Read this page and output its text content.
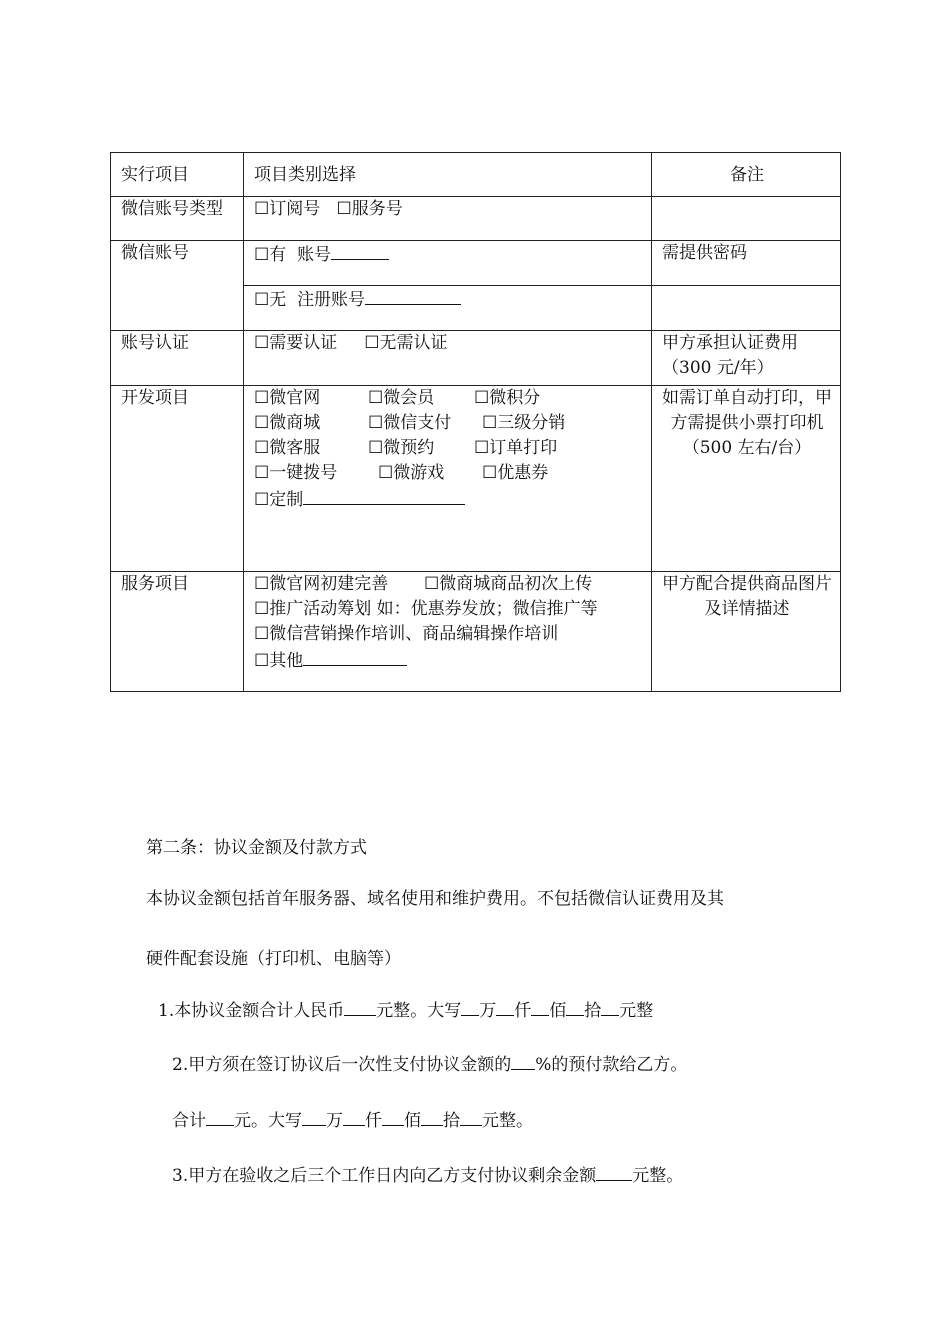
实行项目	项目类别选择	备注
微信账号类型	☐ 订阅号 ☐ 服务号	
微信账号	☐ 有 账号	需提供密码
	☐ 无 注册账号	
账号认证	☐ 需要认证 ☐ 无需认证	甲方承担认证费用（300 元/年）
开发项目	☐ 微官网 ☐ 微会员 ☐ 微积分
☐ 微商城 ☐ 微信支付 ☐ 三级分销
☐ 微客服 ☐ 微预约 ☐ 订单打印
☐ 一键拨号 ☐ 微游戏 ☐ 优惠券
☐ 定制	如需订单自动打印，甲方需提供小票打印机（500 左右/台）
服务项目	☐ 微官网初建完善 ☐ 微商城商品初次上传
☐ 推广活动筹划 如：优惠券发放；微信推广等
☐ 微信营销操作培训、商品编辑操作培训
☐ 其他	甲方配合提供商品图片及详情描述
第二条：协议金额及付款方式
本协议金额包括首年服务器、域名使用和维护费用。不包括微信认证费用及其
硬件配套设施（打印机、电脑等）
1.本协议金额合计人民币 元整。大写 万 仟 佰 拾 元整
2.甲方须在签订协议后一次性支付协议金额的 %的预付款给乙方。
合计 元。大写 万 仟 佰 拾 元整。
3.甲方在验收之后三个工作日内向乙方支付协议剩余金额 元整。
